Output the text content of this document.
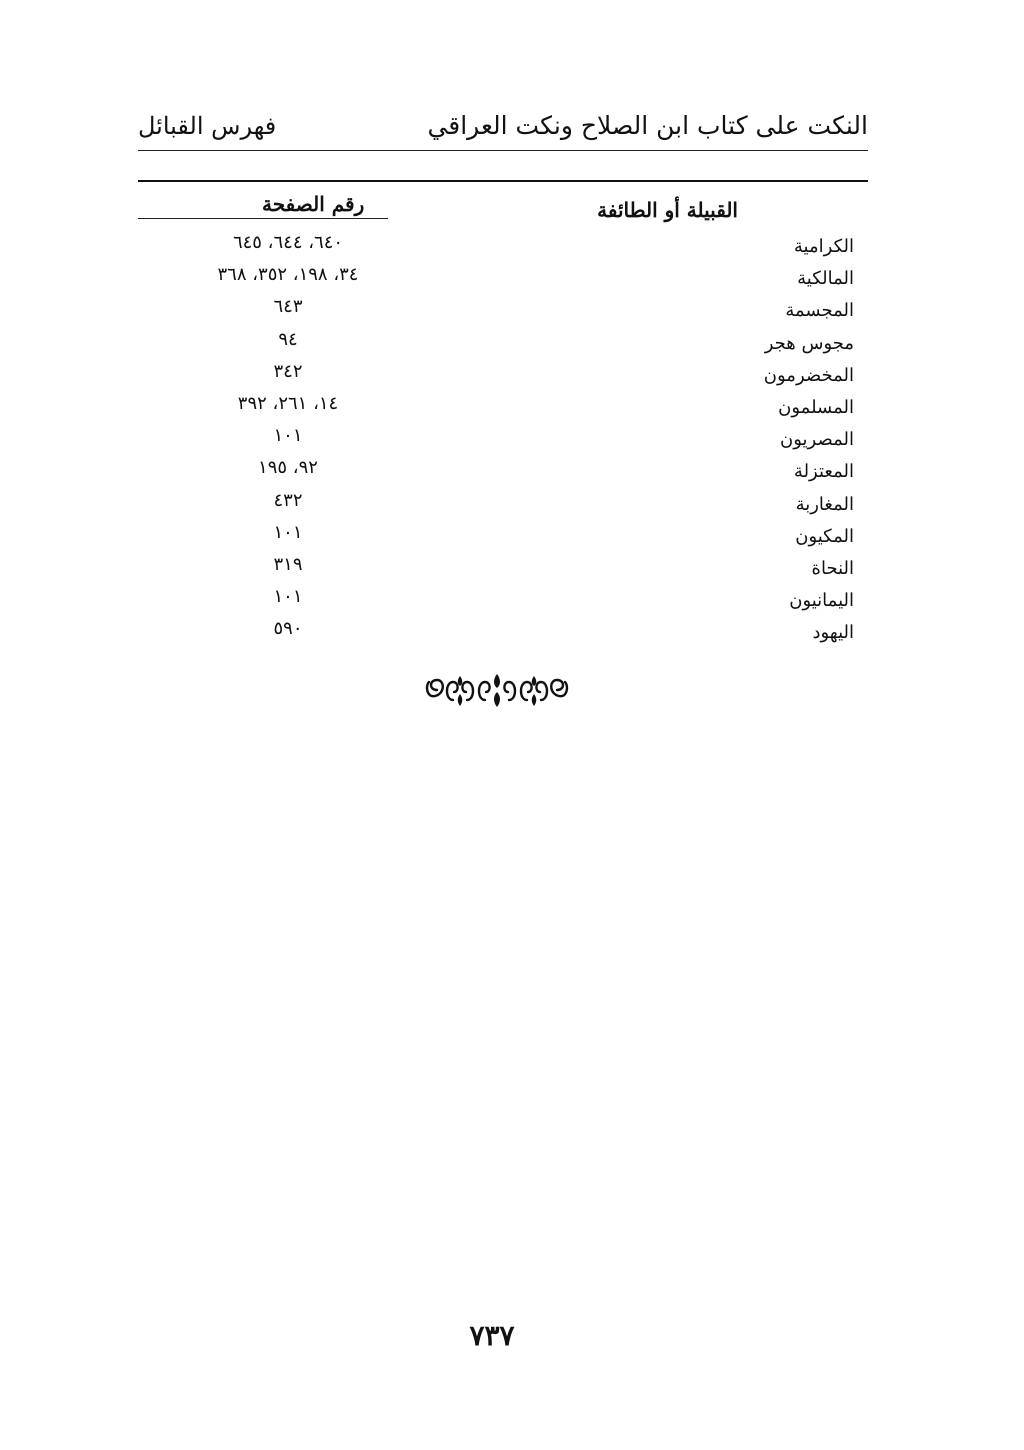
النكت على كتاب ابن الصلاح ونكت العراقي
فهرس القبائل
القبيلة أو الطائفة
رقم الصفحة
الكرامية
٦٤٠، ٦٤٤، ٦٤٥
المالكية
٣٤، ١٩٨، ٣٥٢، ٣٦٨
المجسمة
٦٤٣
مجوس هجر
٩٤
المخضرمون
٣٤٢
المسلمون
١٤، ٢٦١، ٣٩٢
المصريون
١٠١
المعتزلة
٩٢، ١٩٥
المغاربة
٤٣٢
المكيون
١٠١
النحاة
٣١٩
اليمانيون
١٠١
اليهود
٥٩٠
٧٣٧
